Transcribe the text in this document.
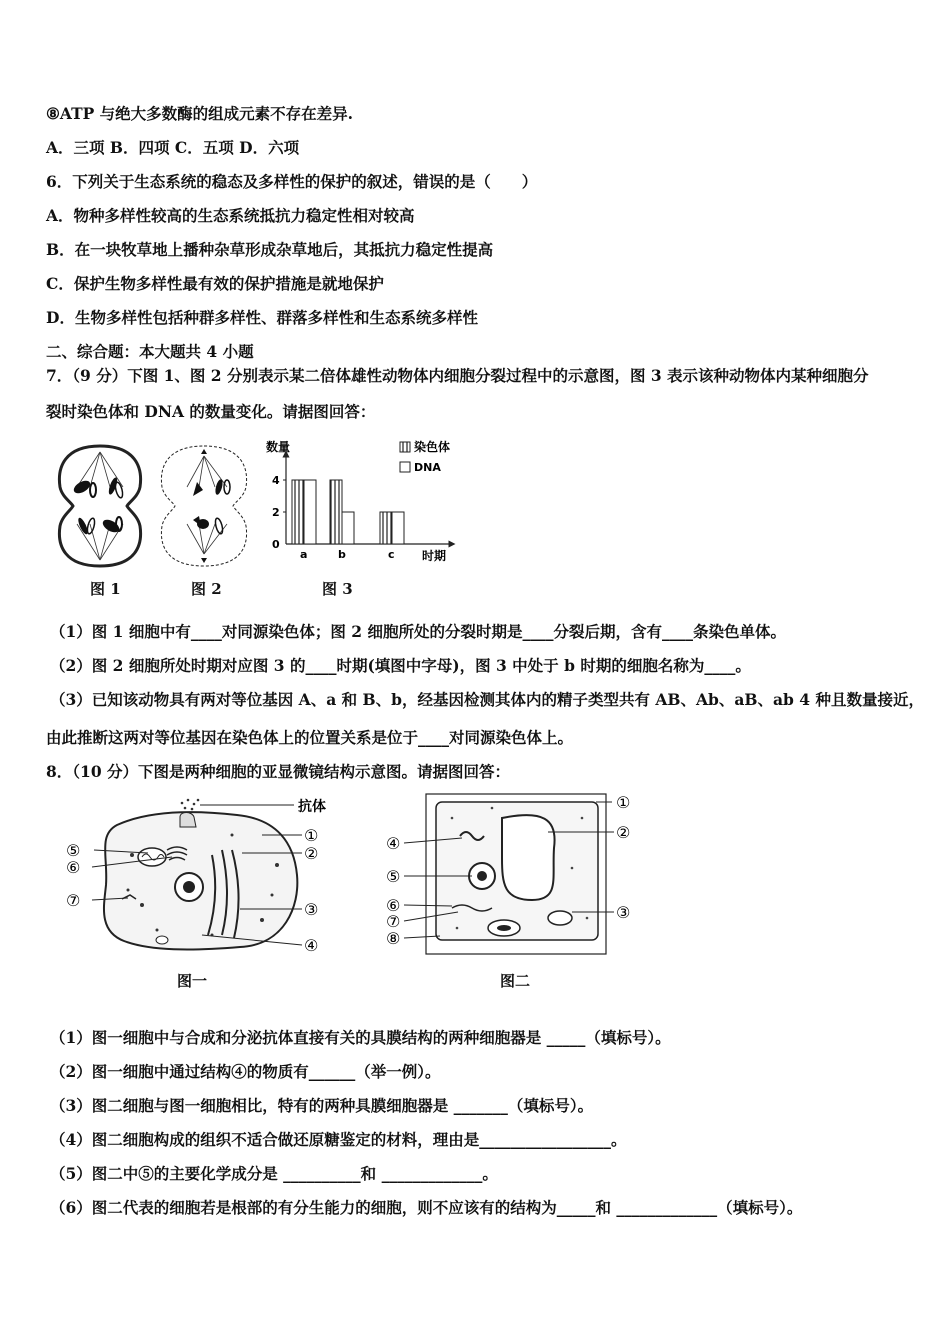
⑧ATP 与绝大多数酶的组成元素不存在差异.
A．三项 B．四项 C．五项 D．六项
6．下列关于生态系统的稳态及多样性的保护的叙述，错误的是（　　）
A．物种多样性较高的生态系统抵抗力稳定性相对较高
B．在一块牧草地上播种杂草形成杂草地后，其抵抗力稳定性提高
C．保护生物多样性最有效的保护措施是就地保护
D．生物多样性包括种群多样性、群落多样性和生态系统多样性
二、综合题：本大题共 4 小题
7．（9 分）下图 1、图 2 分别表示某二倍体雄性动物体内细胞分裂过程中的示意图，图 3 表示该种动物体内某种细胞分
裂时染色体和 DNA 的数量变化。请据图回答：
图 1	图 2
数量
时期
0
2
4
a	b	c
染色体
DNA
图 3
（1）图 1 细胞中有____对同源染色体；图 2 细胞所处的分裂时期是____分裂后期，含有____条染色单体。
（2）图 2 细胞所处时期对应图 3 的____时期(填图中字母)，图 3 中处于 b 时期的细胞名称为____。
（3）已知该动物具有两对等位基因 A、a 和 B、b，经基因检测其体内的精子类型共有 AB、Ab、aB、ab 4 种且数量接近，
由此推断这两对等位基因在染色体上的位置关系是位于____对同源染色体上。
8．（10 分）下图是两种细胞的亚显微镜结构示意图。请据图回答：
抗体
⑤
⑥
⑦
①
②
③
④
图一
①
②
③
④
⑤
⑥
⑦
⑧
图二
（1）图一细胞中与合成和分泌抗体直接有关的具膜结构的两种细胞器是 _____（填标号）。
（2）图一细胞中通过结构④的物质有______（举一例）。
（3）图二细胞与图一细胞相比，特有的两种具膜细胞器是 _______（填标号）。
（4）图二细胞构成的组织不适合做还原糖鉴定的材料，理由是_________________。
（5）图二中⑤的主要化学成分是 __________和 _____________。
（6）图二代表的细胞若是根部的有分生能力的细胞，则不应该有的结构为_____和 _____________（填标号）。
